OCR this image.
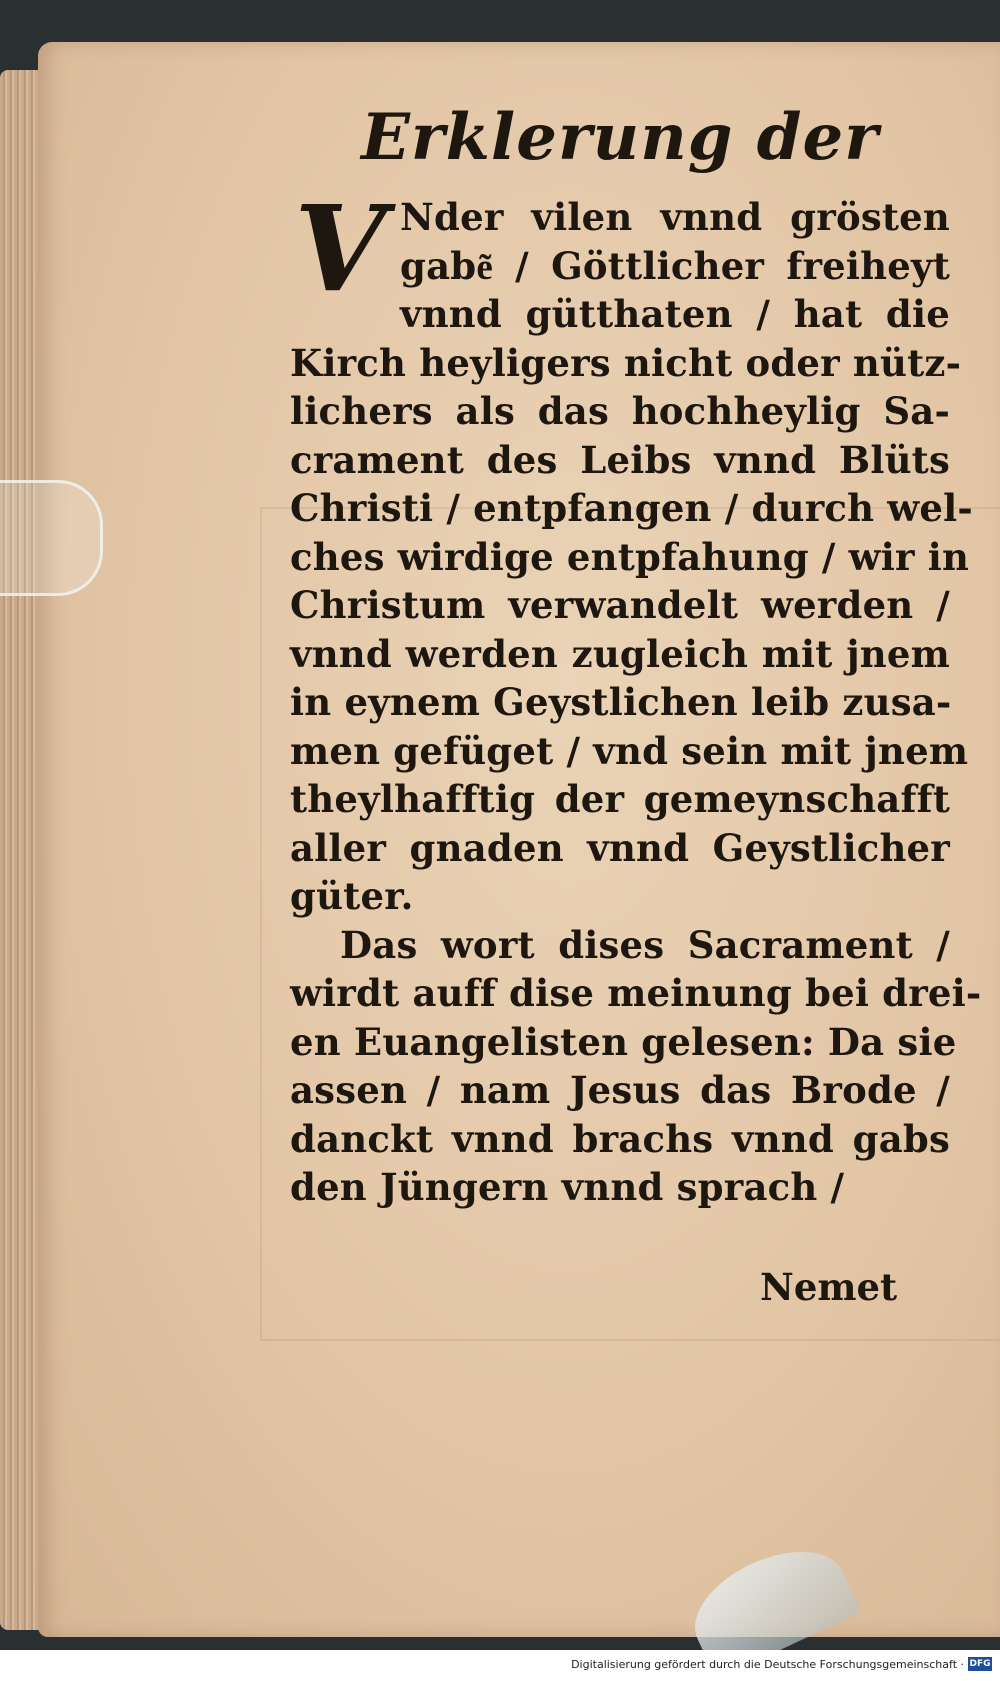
Erklerung der
V Nder vilen vnnd grösten
gabe͂ / Göttlicher freiheyt
vnnd gütthaten / hat die
Kirch heyligers nicht oder nütz-
lichers als das hochheylig Sa-
crament des Leibs vnnd Blüts
Christi / entpfangen / durch wel-
ches wirdige entpfahung / wir in
Christum verwandelt werden /
vnnd werden zugleich mit jnem
in eynem Geystlichen leib zusa-
men gefüget / vnd sein mit jnem
theylhafftig der gemeynschafft
aller gnaden vnnd Geystlicher
güter.
Das wort dises Sacrament /
wirdt auff dise meinung bei drei-
en Euangelisten gelesen: Da sie
assen / nam Jesus das Brode /
danckt vnnd brachs vnnd gabs
den Jüngern vnnd sprach /
Nemet
Digitalisierung gefördert durch die Deutsche Forschungsgemeinschaft · DFG
